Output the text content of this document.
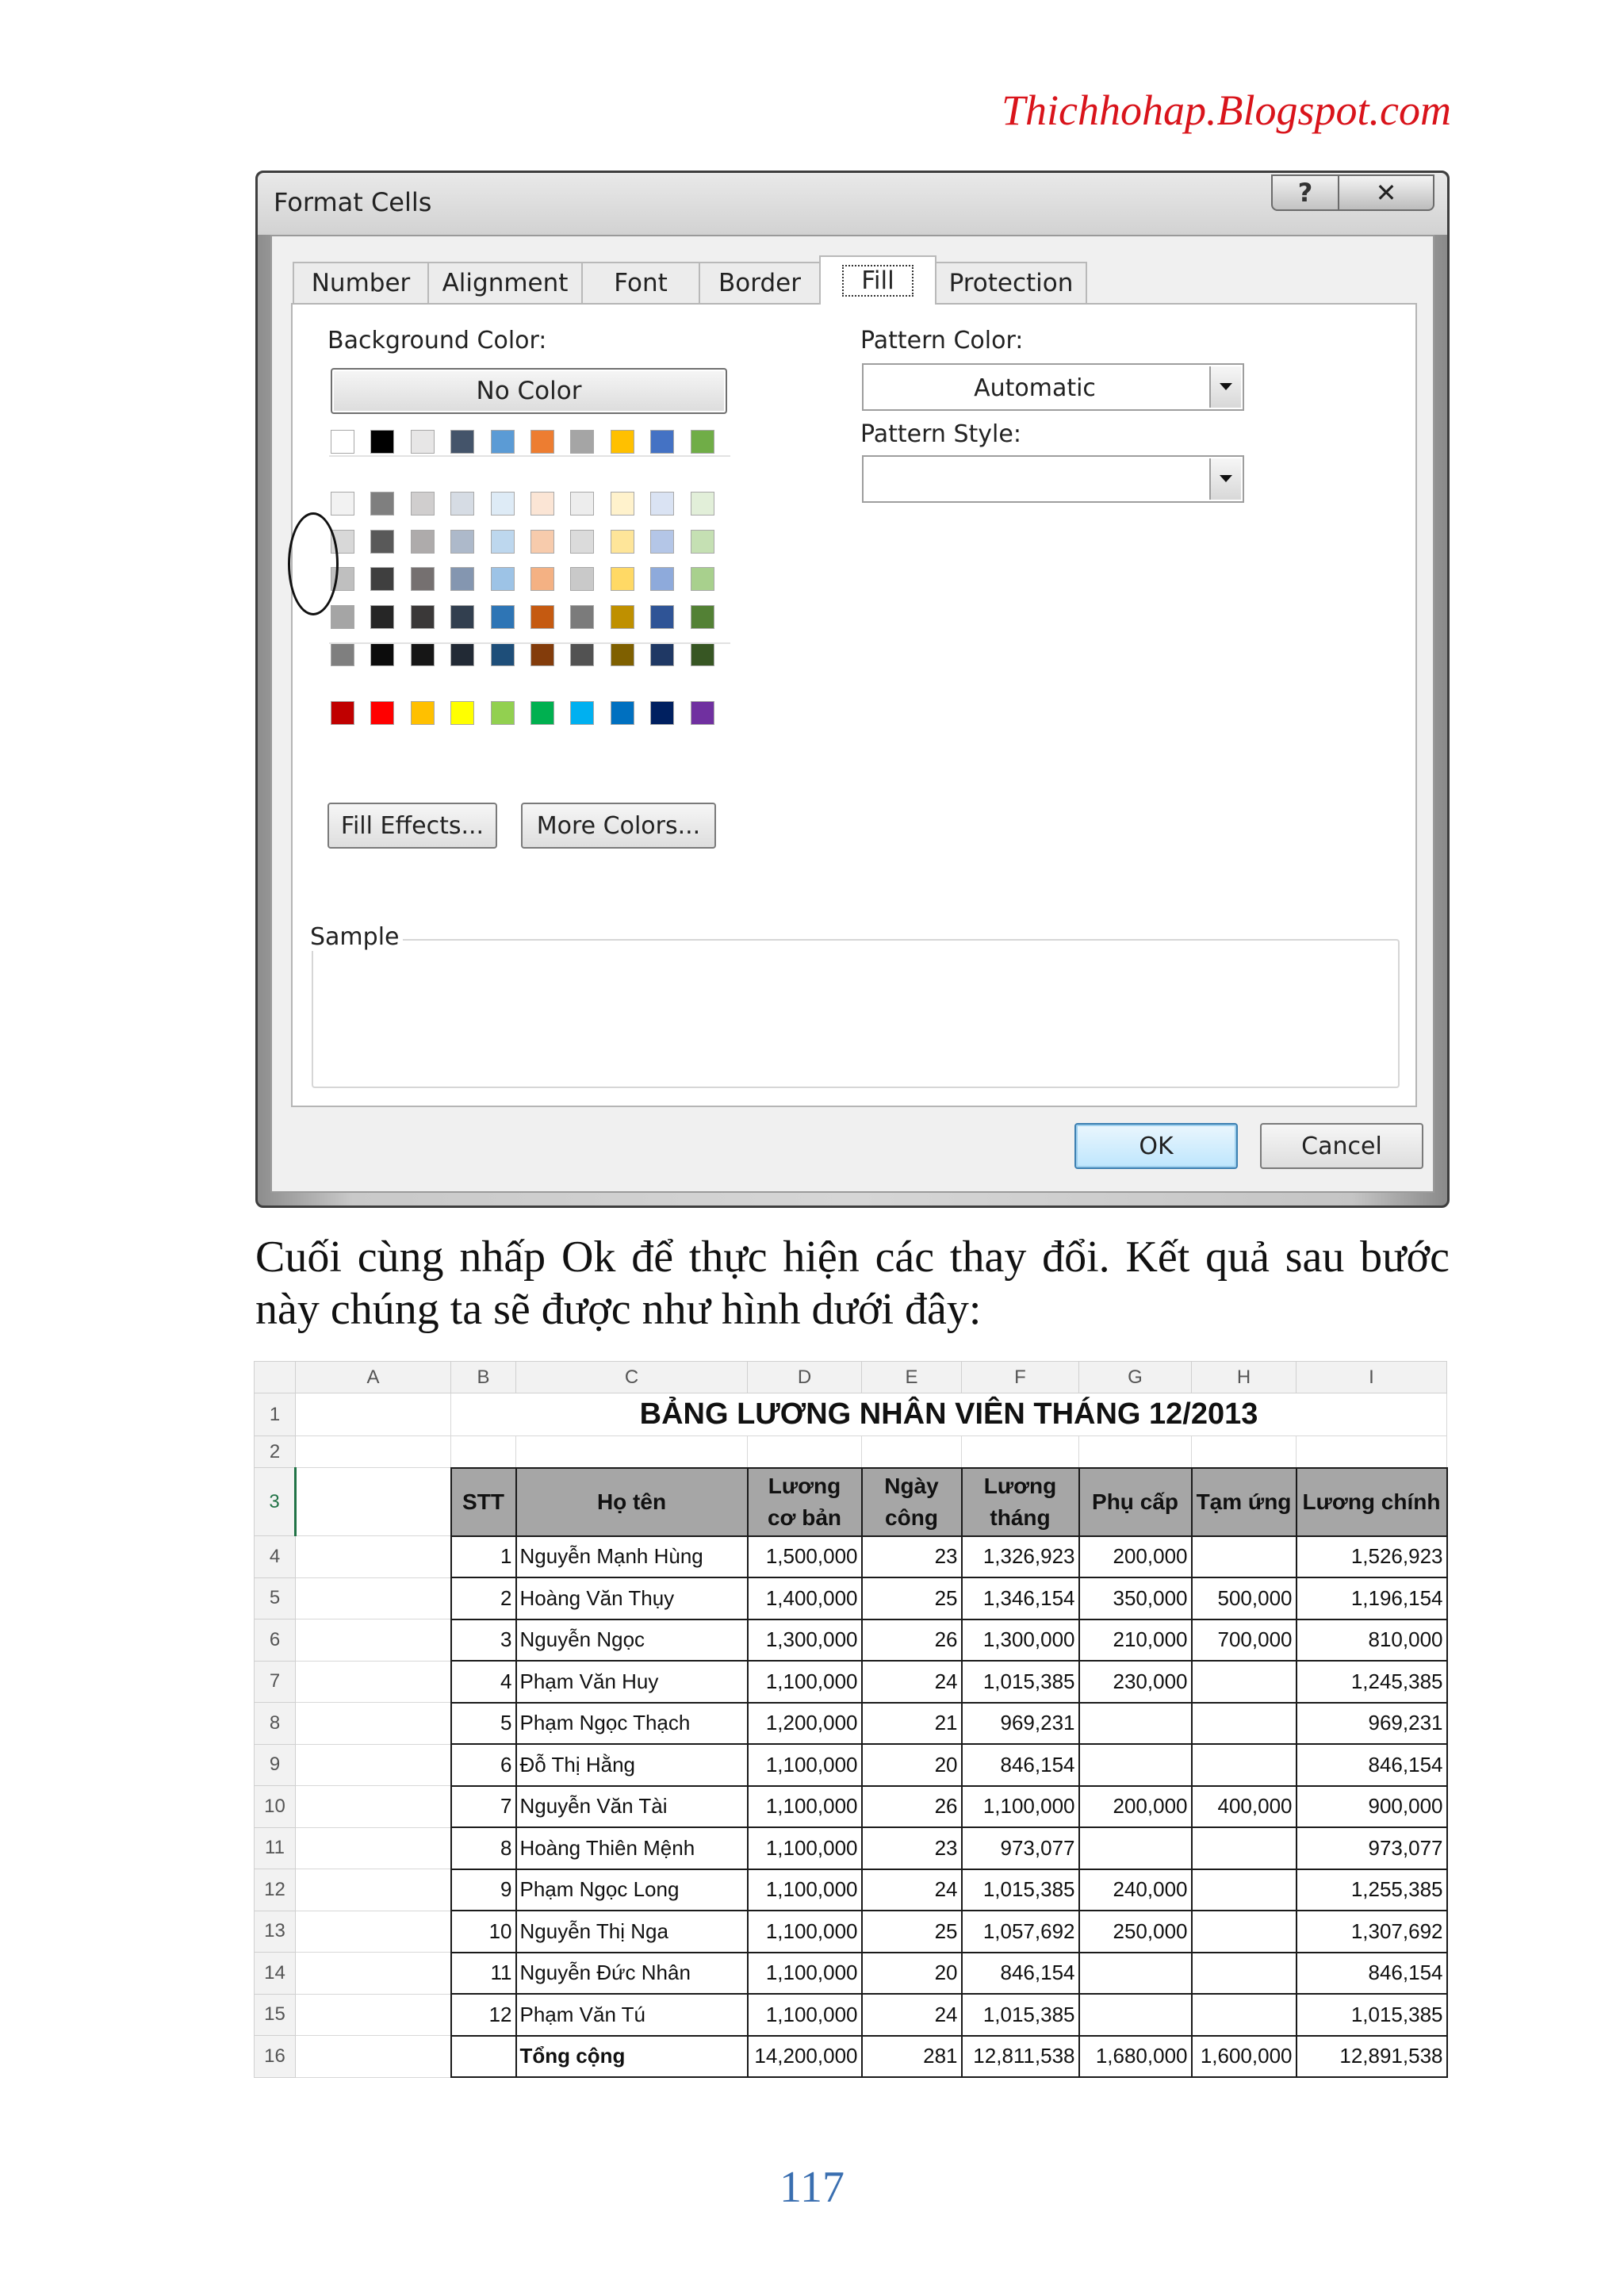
Thichhohap.Blogspot.com
Format Cells	?	✕
Number	Alignment	Font	Border	Fill	Protection
Background Color:
No Color
Fill Effects...	More Colors...
Pattern Color:
Automatic
Pattern Style:
Sample
OK	Cancel
Cuối cùng nhấp Ok để thực hiện các thay đổi. Kết quả sau bước
này chúng ta sẽ được như hình dưới đây:
	A	B	C	D	E	F	G	H	I
1		BẢNG LƯƠNG NHÂN VIÊN THÁNG 12/2013							
2									
3		STT	Họ tên	Lương cơ bản	Ngày công	Lương tháng	Phụ cấp	Tạm ứng	Lương chính
4		1	Nguyễn Mạnh Hùng	1,500,000	23	1,326,923	200,000		1,526,923
5		2	Hoàng Văn Thụy	1,400,000	25	1,346,154	350,000	500,000	1,196,154
6		3	Nguyễn Ngọc	1,300,000	26	1,300,000	210,000	700,000	810,000
7		4	Phạm Văn Huy	1,100,000	24	1,015,385	230,000		1,245,385
8		5	Phạm Ngọc Thạch	1,200,000	21	969,231			969,231
9		6	Đỗ Thị Hằng	1,100,000	20	846,154			846,154
10		7	Nguyễn Văn Tài	1,100,000	26	1,100,000	200,000	400,000	900,000
11		8	Hoàng Thiên Mệnh	1,100,000	23	973,077			973,077
12		9	Phạm Ngọc Long	1,100,000	24	1,015,385	240,000		1,255,385
13		10	Nguyễn Thị Nga	1,100,000	25	1,057,692	250,000		1,307,692
14		11	Nguyễn Đức Nhân	1,100,000	20	846,154			846,154
15		12	Phạm Văn Tú	1,100,000	24	1,015,385			1,015,385
16			Tổng cộng	14,200,000	281	12,811,538	1,680,000	1,600,000	12,891,538
117
